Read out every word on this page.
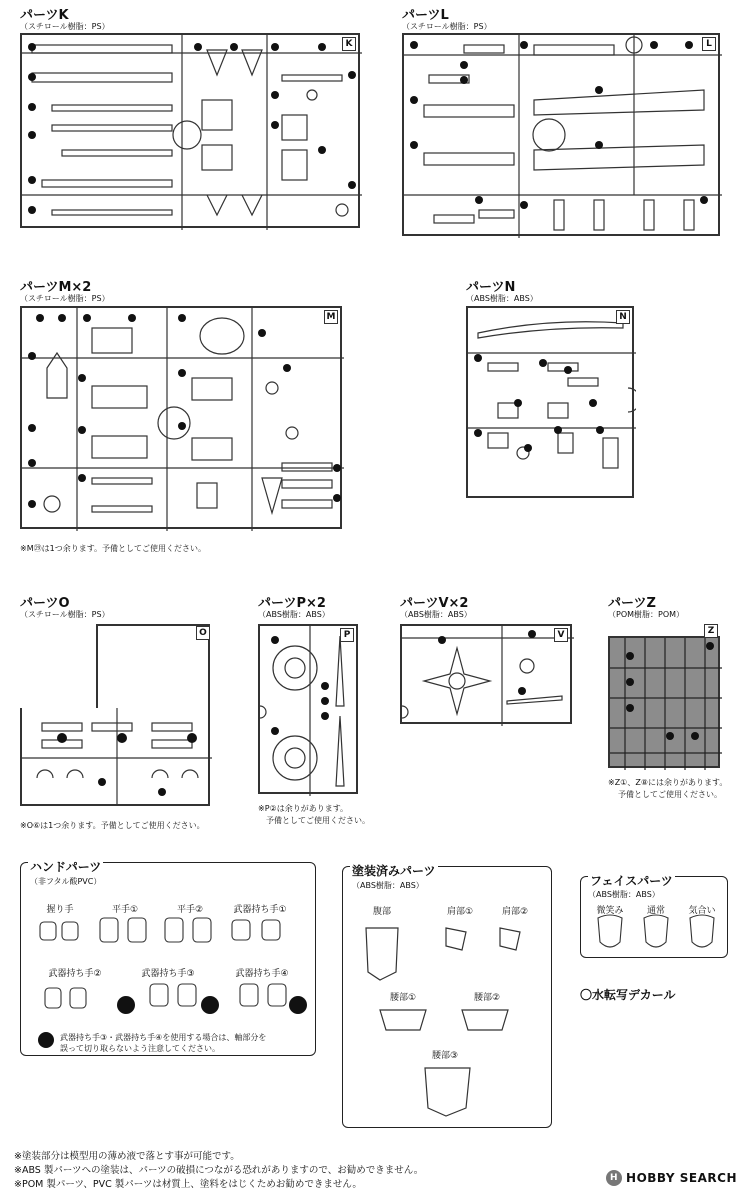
パーツK
（スチロール樹脂：PS）
K
パーツL
（スチロール樹脂：PS）
L
パーツM×2
（スチロール樹脂：PS）
M
※M㉙は1つ余ります。予備としてご使用ください。
パーツN
（ABS樹脂：ABS）
N
パーツO
（スチロール樹脂：PS）
O
※O⑥は1つ余ります。予備としてご使用ください。
パーツP×2
（ABS樹脂：ABS）
P
※P②は余りがあります。
予備としてご使用ください。
パーツV×2
（ABS樹脂：ABS）
V
パーツZ
（POM樹脂：POM）
Z
※Z①、Z⑧には余りがあります。
予備としてご使用ください。
ハンドパーツ
（非フタル酸PVC）
握り手	平手①	平手②	武器持ち手①
武器持ち手②	武器持ち手③	武器持ち手④
武器持ち手③・武器持ち手④を使用する場合は、軸部分を
誤って切り取らないよう注意してください。
塗装済みパーツ
（ABS樹脂：ABS）
腹部	肩部①	肩部②
腰部①	腰部②
腰部③
フェイスパーツ
（ABS樹脂：ABS）
微笑み	通常	気合い
〇水転写デカール
※塗装部分は模型用の薄め液で落とす事が可能です。
※ABS 製パーツへの塗装は、パーツの破損につながる恐れがありますので、お勧めできません。
※POM 製パーツ、PVC 製パーツは材質上、塗料をはじくためお勧めできません。
H HOBBY SEARCH
